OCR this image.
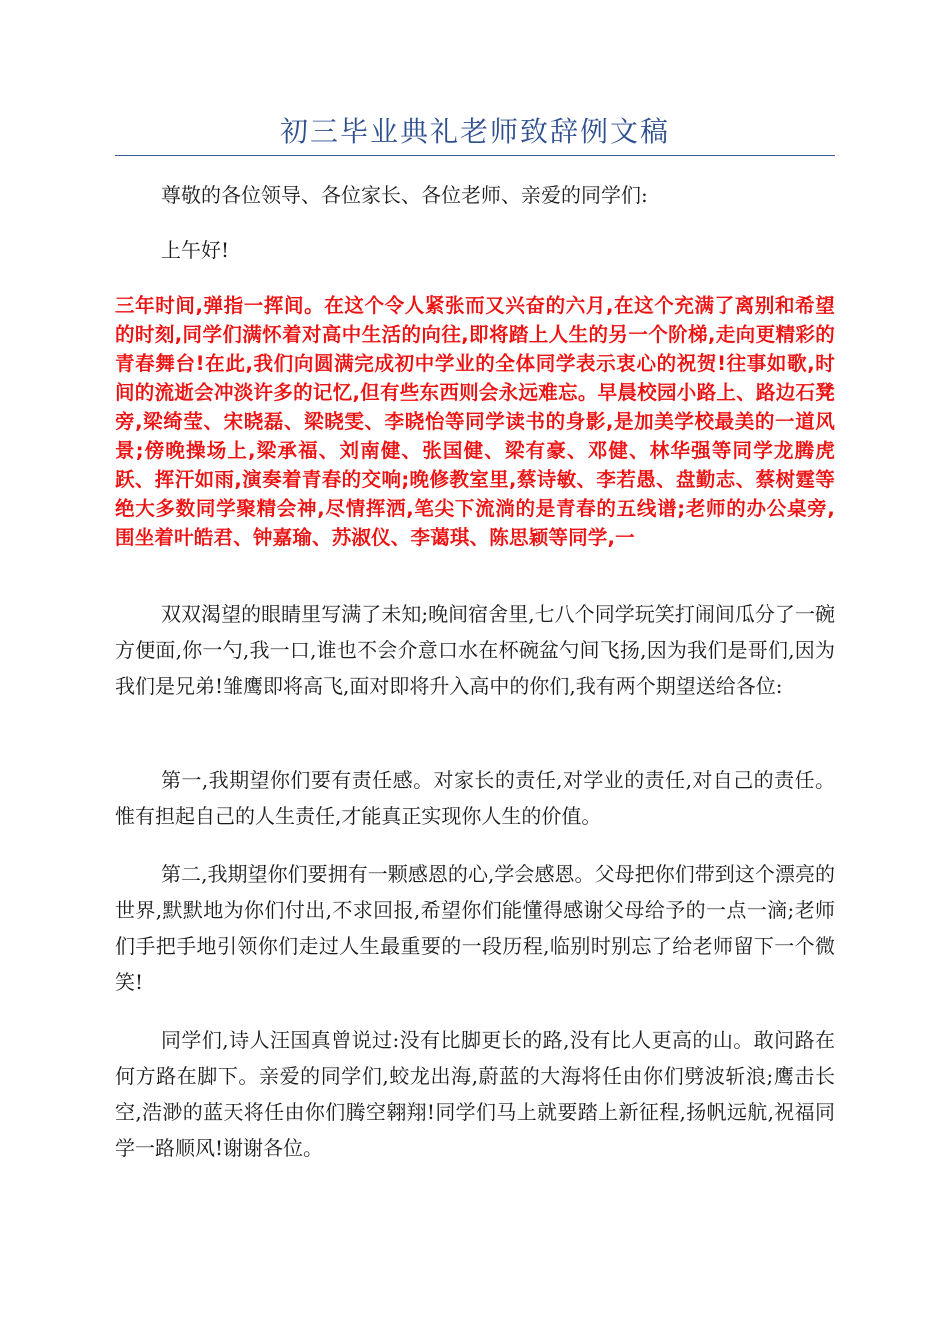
初三毕业典礼老师致辞例文稿

尊敬的各位领导、各位家长、各位老师、亲爱的同学们:

上午好!

三年时间,弹指一挥间。在这个令人紧张而又兴奋的六月,在这个充满了离别和希望的时刻,同学们满怀着对高中生活的向往,即将踏上人生的另一个阶梯,走向更精彩的青春舞台!在此,我们向圆满完成初中学业的全体同学表示衷心的祝贺!往事如歌,时间的流逝会冲淡许多的记忆,但有些东西则会永远难忘。早晨校园小路上、路边石凳旁,梁绮莹、宋晓磊、梁晓雯、李晓怡等同学读书的身影,是加美学校最美的一道风景;傍晚操场上,梁承福、刘南健、张国健、梁有豪、邓健、林华强等同学龙腾虎跃、挥汗如雨,演奏着青春的交响;晚修教室里,蔡诗敏、李若愚、盘勤志、蔡树霆等绝大多数同学聚精会神,尽情挥洒,笔尖下流淌的是青春的五线谱;老师的办公桌旁,围坐着叶皓君、钟嘉瑜、苏淑仪、李蔼琪、陈思颖等同学,一

双双渴望的眼睛里写满了未知;晚间宿舍里,七八个同学玩笑打闹间瓜分了一碗方便面,你一勺,我一口,谁也不会介意口水在杯碗盆勺间飞扬,因为我们是哥们,因为我们是兄弟!雏鹰即将高飞,面对即将升入高中的你们,我有两个期望送给各位:

第一,我期望你们要有责任感。对家长的责任,对学业的责任,对自己的责任。惟有担起自己的人生责任,才能真正实现你人生的价值。

第二,我期望你们要拥有一颗感恩的心,学会感恩。父母把你们带到这个漂亮的世界,默默地为你们付出,不求回报,希望你们能懂得感谢父母给予的一点一滴;老师们手把手地引领你们走过人生最重要的一段历程,临别时别忘了给老师留下一个微笑!

同学们,诗人汪国真曾说过:没有比脚更长的路,没有比人更高的山。敢问路在何方路在脚下。亲爱的同学们,蛟龙出海,蔚蓝的大海将任由你们劈波斩浪;鹰击长空,浩渺的蓝天将任由你们腾空翱翔!同学们马上就要踏上新征程,扬帆远航,祝福同学一路顺风!谢谢各位。
